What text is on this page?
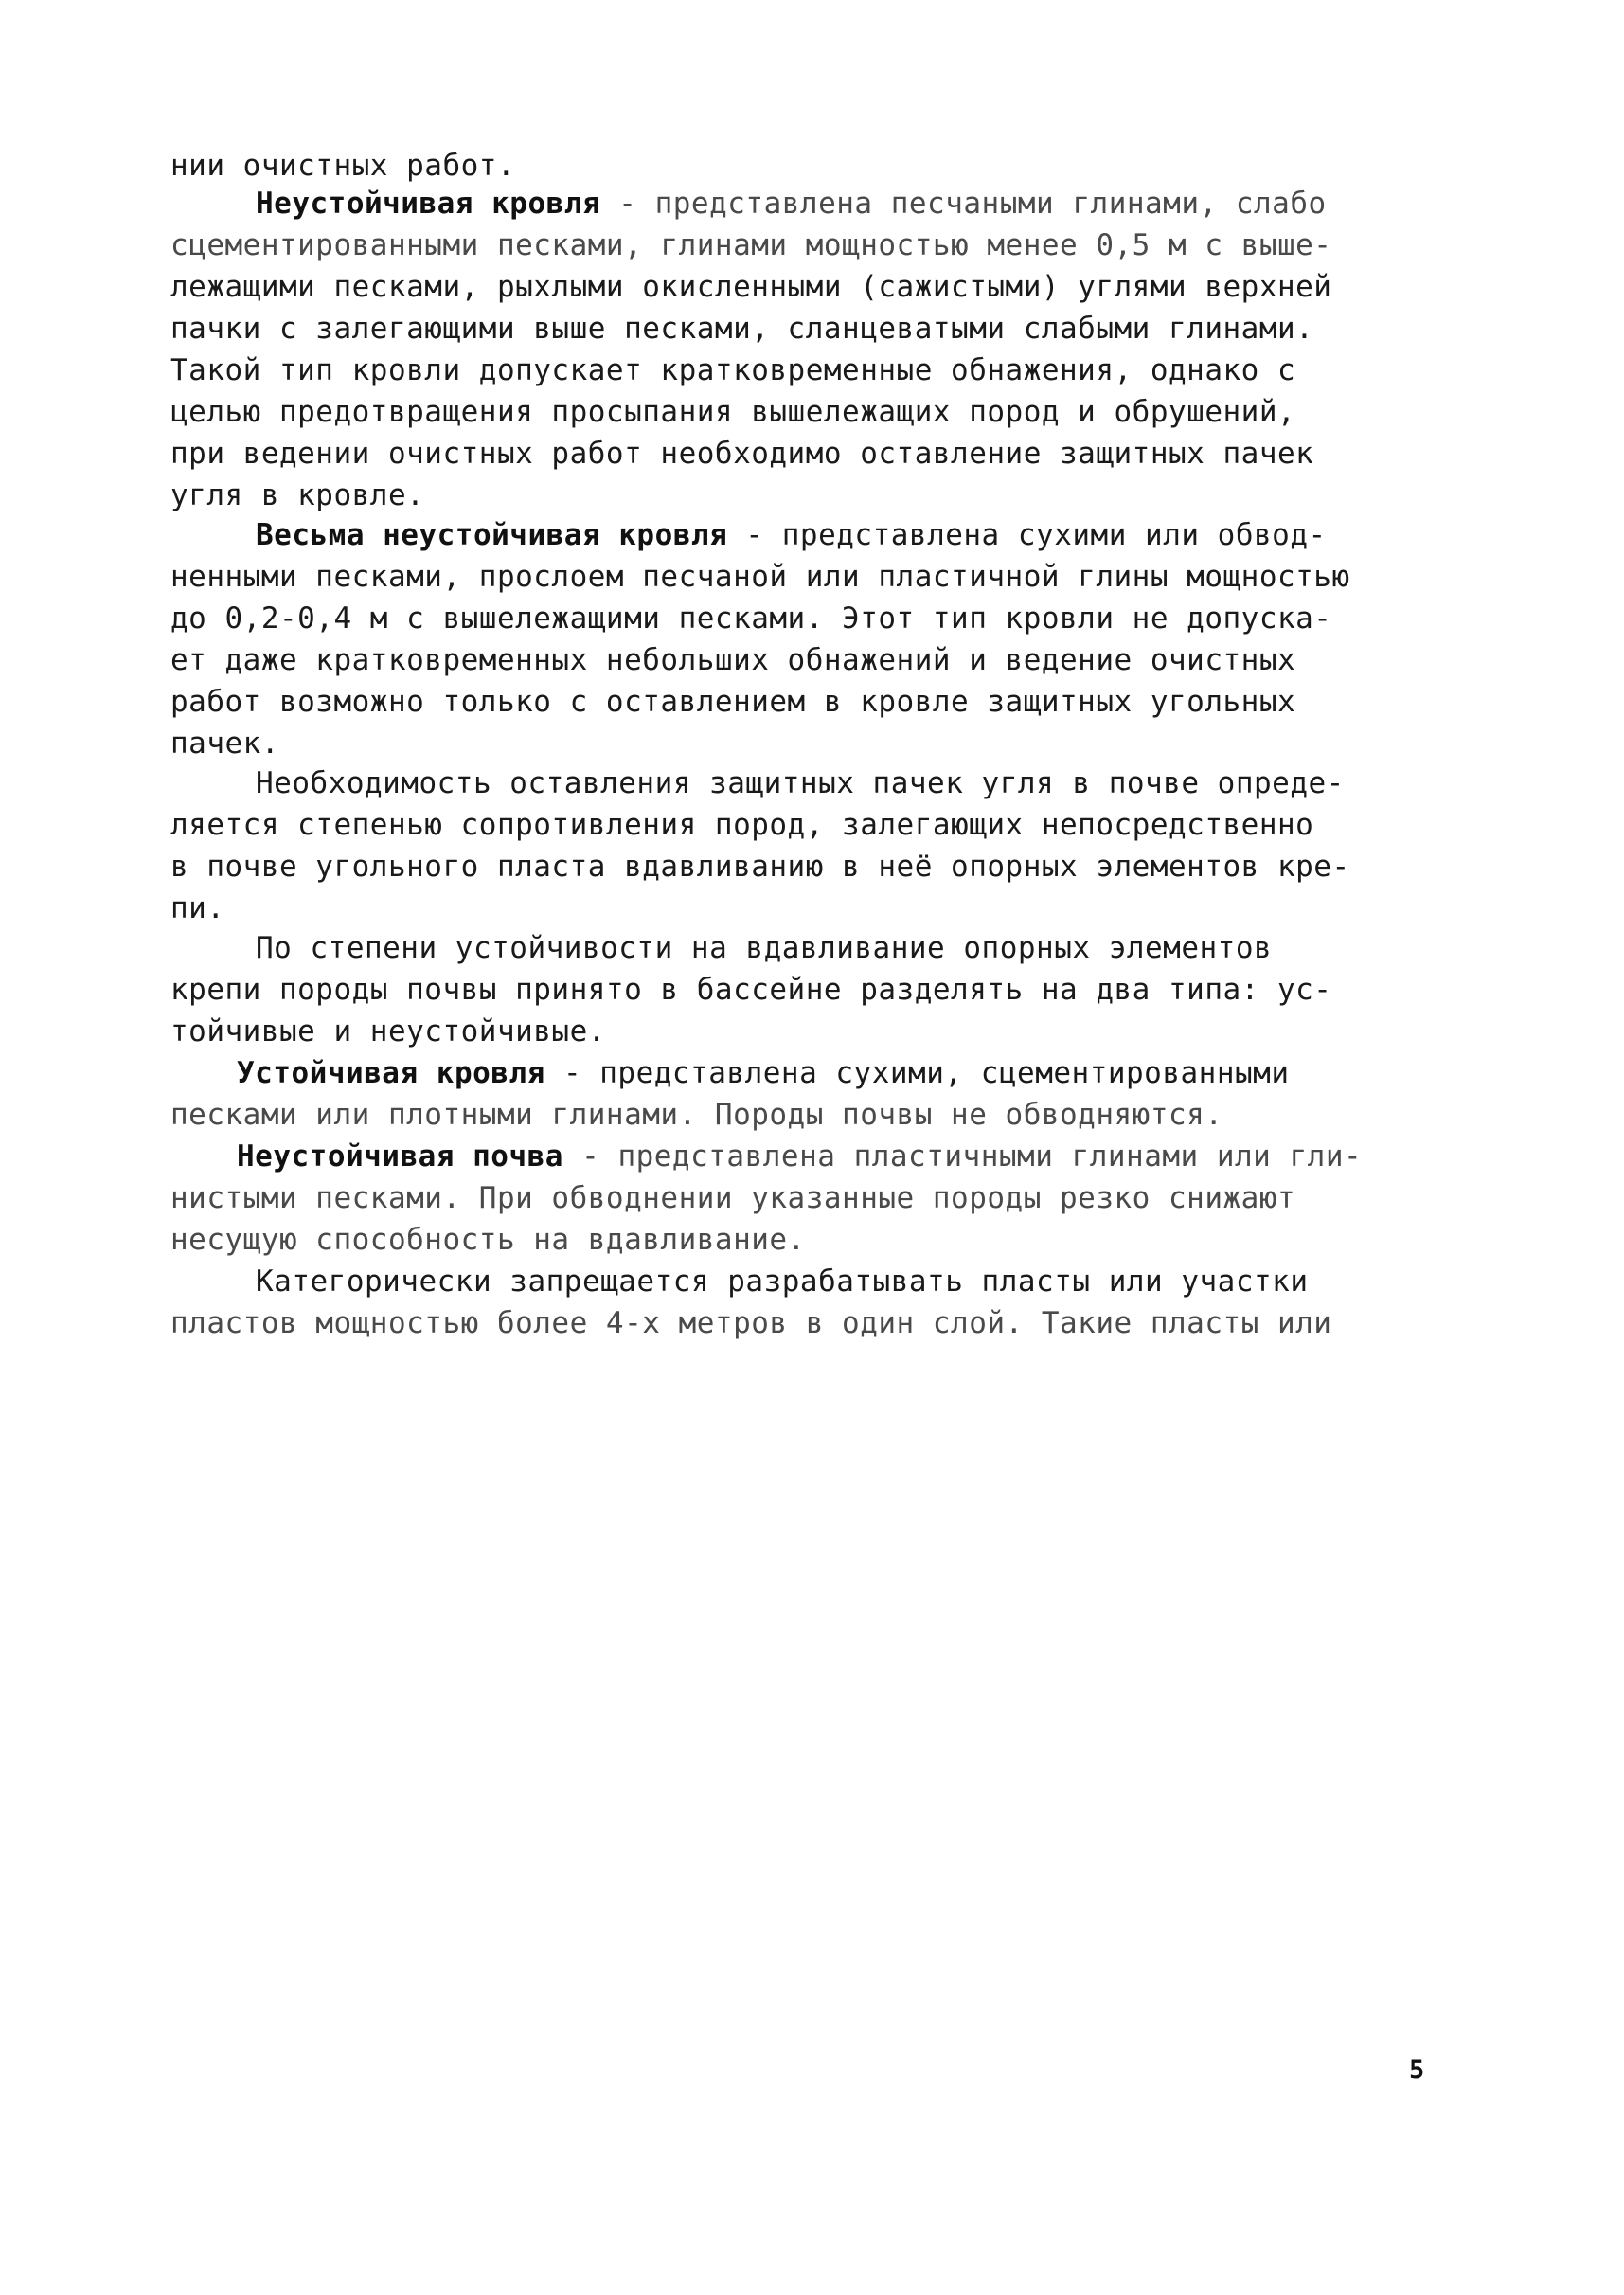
нии очистных работ.
Неустойчивая кровля - представлена песчаными глинами, слабо
сцементированными песками, глинами мощностью менее 0,5 м с выше-
лежащими песками, рыхлыми окисленными (сажистыми) углями верхней
пачки с залегающими выше песками, сланцеватыми слабыми глинами.
Такой тип кровли допускает кратковременные обнажения, однако с
целью предотвращения просыпания вышележащих пород и обрушений,
при ведении очистных работ необходимо оставление защитных пачек
угля в кровле.
Весьма неустойчивая кровля - представлена сухими или обвод-
ненными песками, прослоем песчаной или пластичной глины мощностью
до 0,2-0,4 м с вышележащими песками. Этот тип кровли не допуска-
ет даже кратковременных небольших обнажений и ведение очистных
работ возможно только с оставлением в кровле защитных угольных
пачек.
Необходимость оставления защитных пачек угля в почве опреде-
ляется степенью сопротивления пород, залегающих непосредственно
в почве угольного пласта вдавливанию в неё опорных элементов кре-
пи.
По степени устойчивости на вдавливание опорных элементов
крепи породы почвы принято в бассейне разделять на два типа: ус-
тойчивые и неустойчивые.
Устойчивая кровля - представлена сухими, сцементированными
песками или плотными глинами. Породы почвы не обводняются.
Неустойчивая почва - представлена пластичными глинами или гли-
нистыми песками. При обводнении указанные породы резко снижают
несущую способность на вдавливание.
Категорически запрещается разрабатывать пласты или участки
пластов мощностью более 4-х метров в один слой. Такие пласты или
5
